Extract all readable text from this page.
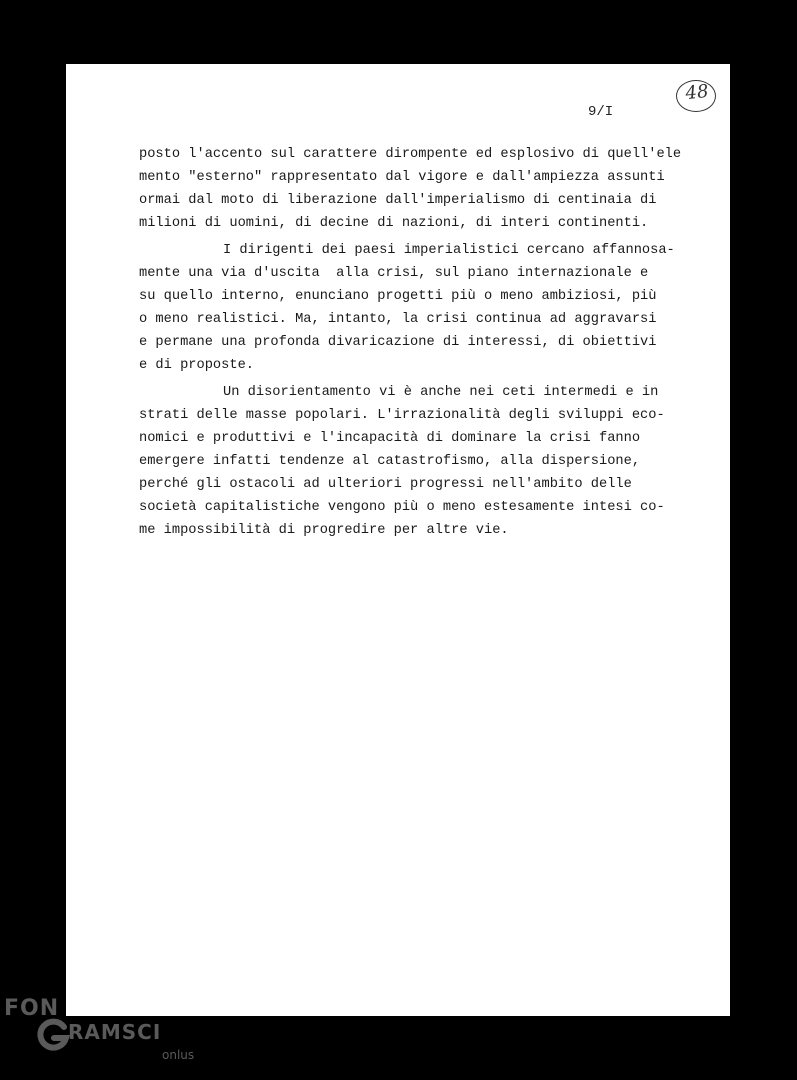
48
9/I
posto l'accento sul carattere dirompente ed esplosivo di quell'ele
mento "esterno" rappresentato dal vigore e dall'ampiezza assunti
ormai dal moto di liberazione dall'imperialismo di centinaia di
milioni di uomini, di decine di nazioni, di interi continenti.
I dirigenti dei paesi imperialistici cercano affannosa-
mente una via d'uscita  alla crisi, sul piano internazionale e
su quello interno, enunciano progetti più o meno ambiziosi, più
o meno realistici. Ma, intanto, la crisi continua ad aggravarsi
e permane una profonda divaricazione di interessi, di obiettivi
e di proposte.
Un disorientamento vi è anche nei ceti intermedi e in
strati delle masse popolari. L'irrazionalità degli sviluppi eco-
nomici e produttivi e l'incapacità di dominare la crisi fanno
emergere infatti tendenze al catastrofismo, alla dispersione,
perché gli ostacoli ad ulteriori progressi nell'ambito delle
società capitalistiche vengono più o meno estesamente intesi co-
me impossibilità di progredire per altre vie.
FON
RAMSCI
onlus
